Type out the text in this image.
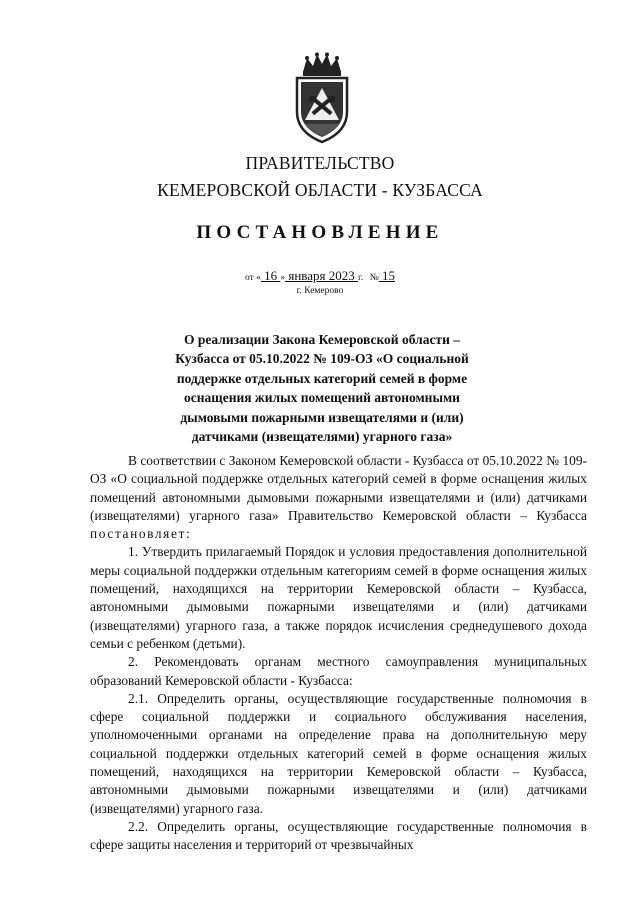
ПРАВИТЕЛЬСТВО
КЕМЕРОВСКОЙ ОБЛАСТИ - КУЗБАССА
ПОСТАНОВЛЕНИЕ
от « 16 » января 2023 г. № 15
г. Кемерово
О реализации Закона Кемеровской области – Кузбасса от 05.10.2022 № 109-ОЗ «О социальной поддержке отдельных категорий семей в форме оснащения жилых помещений автономными дымовыми пожарными извещателями и (или) датчиками (извещателями) угарного газа»

В соответствии с Законом Кемеровской области - Кузбасса от 05.10.2022 № 109-ОЗ «О социальной поддержке отдельных категорий семей в форме оснащения жилых помещений автономными дымовыми пожарными извещателями и (или) датчиками (извещателями) угарного газа» Правительство Кемеровской области – Кузбасса постановляет:

1. Утвердить прилагаемый Порядок и условия предоставления дополнительной меры социальной поддержки отдельным категориям семей в форме оснащения жилых помещений, находящихся на территории Кемеровской области – Кузбасса, автономными дымовыми пожарными извещателями и (или) датчиками (извещателями) угарного газа, а также порядок исчисления среднедушевого дохода семьи с ребенком (детьми).

2. Рекомендовать органам местного самоуправления муниципальных образований Кемеровской области - Кузбасса:

2.1. Определить органы, осуществляющие государственные полномочия в сфере социальной поддержки и социального обслуживания населения, уполномоченными органами на определение права на дополнительную меру социальной поддержки отдельных категорий семей в форме оснащения жилых помещений, находящихся на территории Кемеровской области – Кузбасса, автономными дымовыми пожарными извещателями и (или) датчиками (извещателями) угарного газа.

2.2. Определить органы, осуществляющие государственные полномочия в сфере защиты населения и территорий от чрезвычайных
